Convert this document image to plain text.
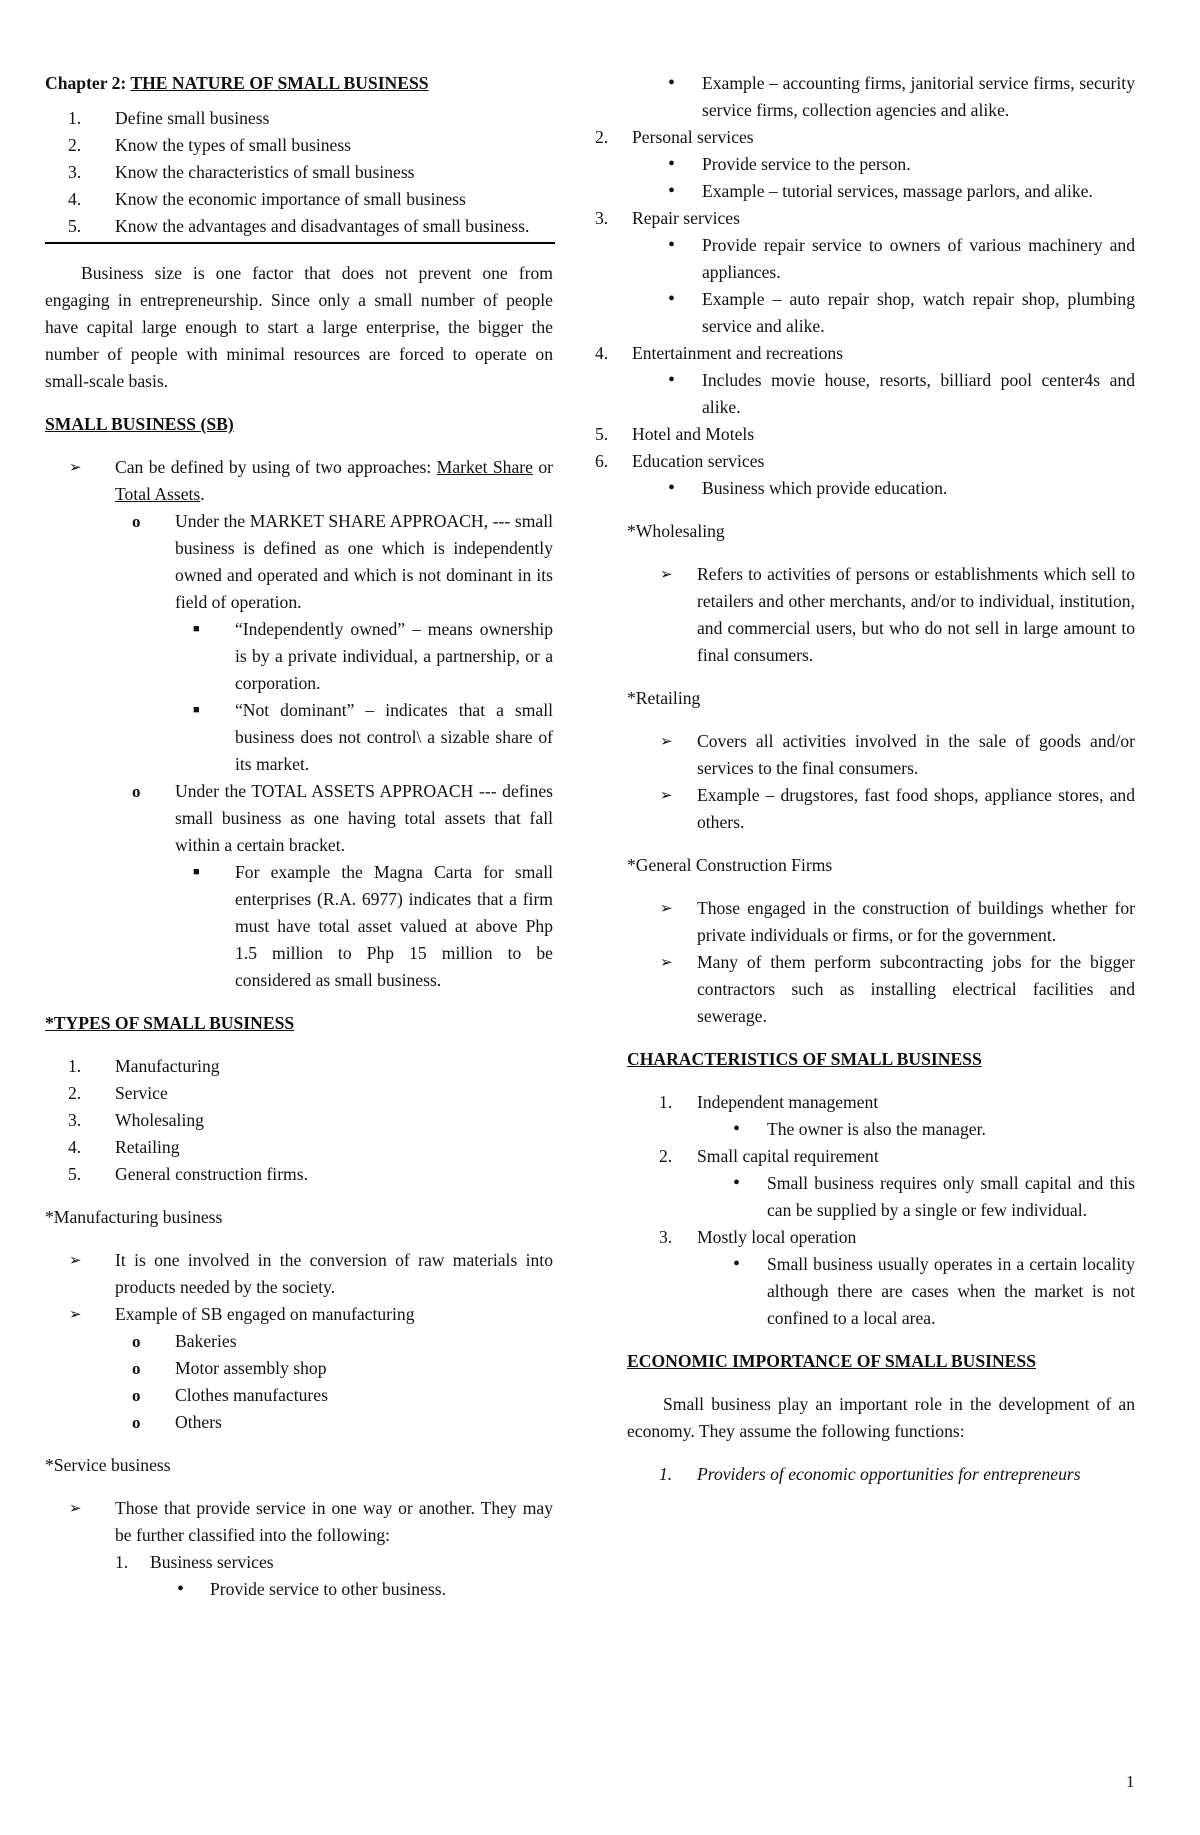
Chapter 2: THE NATURE OF SMALL BUSINESS

1. Define small business
2. Know the types of small business
3. Know the characteristics of small business
4. Know the economic importance of small business
5. Know the advantages and disadvantages of small business.

Business size is one factor that does not prevent one from engaging in entrepreneurship. Since only a small number of people have capital large enough to start a large enterprise, the bigger the number of people with minimal resources are forced to operate on small-scale basis.

SMALL BUSINESS (SB)

➢ Can be defined by using of two approaches: Market Share or Total Assets.
o Under the MARKET SHARE APPROACH, --- small business is defined as one which is independently owned and operated and which is not dominant in its field of operation.
■ “Independently owned” – means ownership is by a private individual, a partnership, or a corporation.
■ “Not dominant” – indicates that a small business does not control\ a sizable share of its market.
o Under the TOTAL ASSETS APPROACH --- defines small business as one having total assets that fall within a certain bracket.
■ For example the Magna Carta for small enterprises (R.A. 6977) indicates that a firm must have total asset valued at above Php 1.5 million to Php 15 million to be considered as small business.

*TYPES OF SMALL BUSINESS

1. Manufacturing
2. Service
3. Wholesaling
4. Retailing
5. General construction firms.

*Manufacturing business

➢ It is one involved in the conversion of raw materials into products needed by the society.
➢ Example of SB engaged on manufacturing
o Bakeries
o Motor assembly shop
o Clothes manufactures
o Others

*Service business

➢ Those that provide service in one way or another. They may be further classified into the following:
1. Business services
• Provide service to other business.
• Example – accounting firms, janitorial service firms, security service firms, collection agencies and alike.
2. Personal services
• Provide service to the person.
• Example – tutorial services, massage parlors, and alike.
3. Repair services
• Provide repair service to owners of various machinery and appliances.
• Example – auto repair shop, watch repair shop, plumbing service and alike.
4. Entertainment and recreations
• Includes movie house, resorts, billiard pool center4s and alike.
5. Hotel and Motels
6. Education services
• Business which provide education.

*Wholesaling

➢ Refers to activities of persons or establishments which sell to retailers and other merchants, and/or to individual, institution, and commercial users, but who do not sell in large amount to final consumers.

*Retailing

➢ Covers all activities involved in the sale of goods and/or services to the final consumers.
➢ Example – drugstores, fast food shops, appliance stores, and others.

*General Construction Firms

➢ Those engaged in the construction of buildings whether for private individuals or firms, or for the government.
➢ Many of them perform subcontracting jobs for the bigger contractors such as installing electrical facilities and sewerage.

CHARACTERISTICS OF SMALL BUSINESS

1. Independent management
• The owner is also the manager.
2. Small capital requirement
• Small business requires only small capital and this can be supplied by a single or few individual.
3. Mostly local operation
• Small business usually operates in a certain locality although there are cases when the market is not confined to a local area.

ECONOMIC IMPORTANCE OF SMALL BUSINESS

Small business play an important role in the development of an economy. They assume the following functions:

1. Providers of economic opportunities for entrepreneurs
1
